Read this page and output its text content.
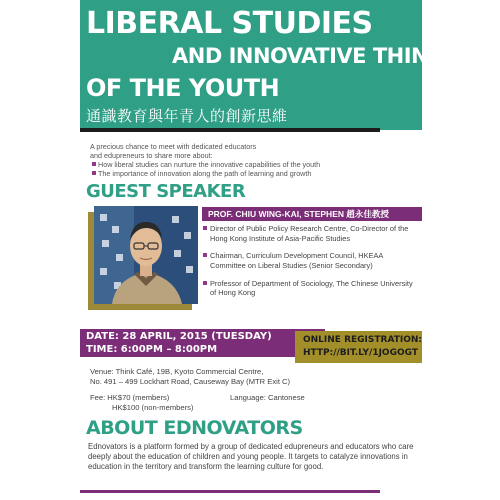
LIBERAL STUDIES
AND INNOVATIVE THINKING
OF THE YOUTH
通識教育與年青人的創新思維
A precious chance to meet with dedicated educators
and edupreneurs to share more about:
How liberal studies can nurture the innovative capabilities of the youth
The importance of innovation along the path of learning and growth
GUEST SPEAKER
PROF. CHIU WING-KAI, STEPHEN 趙永佳教授
Director of Public Policy Research Centre, Co-Director of the Hong Kong Institute of Asia-Pacific Studies
Chairman, Curriculum Development Council, HKEAA Committee on Liberal Studies (Senior Secondary)
Professor of Department of Sociology, The Chinese University of Hong Kong
DATE: 28 APRIL, 2015 (TUESDAY)
TIME: 6:00PM – 8:00PM
ONLINE REGISTRATION:
HTTP://BIT.LY/1JOGOGT
Venue: Think Café, 19B, Kyoto Commercial Centre,
No. 491 – 499 Lockhart Road, Causeway Bay (MTR Exit C)
Fee: HK$70 (members)
HK$100 (non-members)
Language: Cantonese
ABOUT EDNOVATORS
Ednovators is a platform formed by a group of dedicated edupreneurs and educators who care deeply about the education of children and young people. It targets to catalyze innovations in education in the territory and transform the learning culture for good.
